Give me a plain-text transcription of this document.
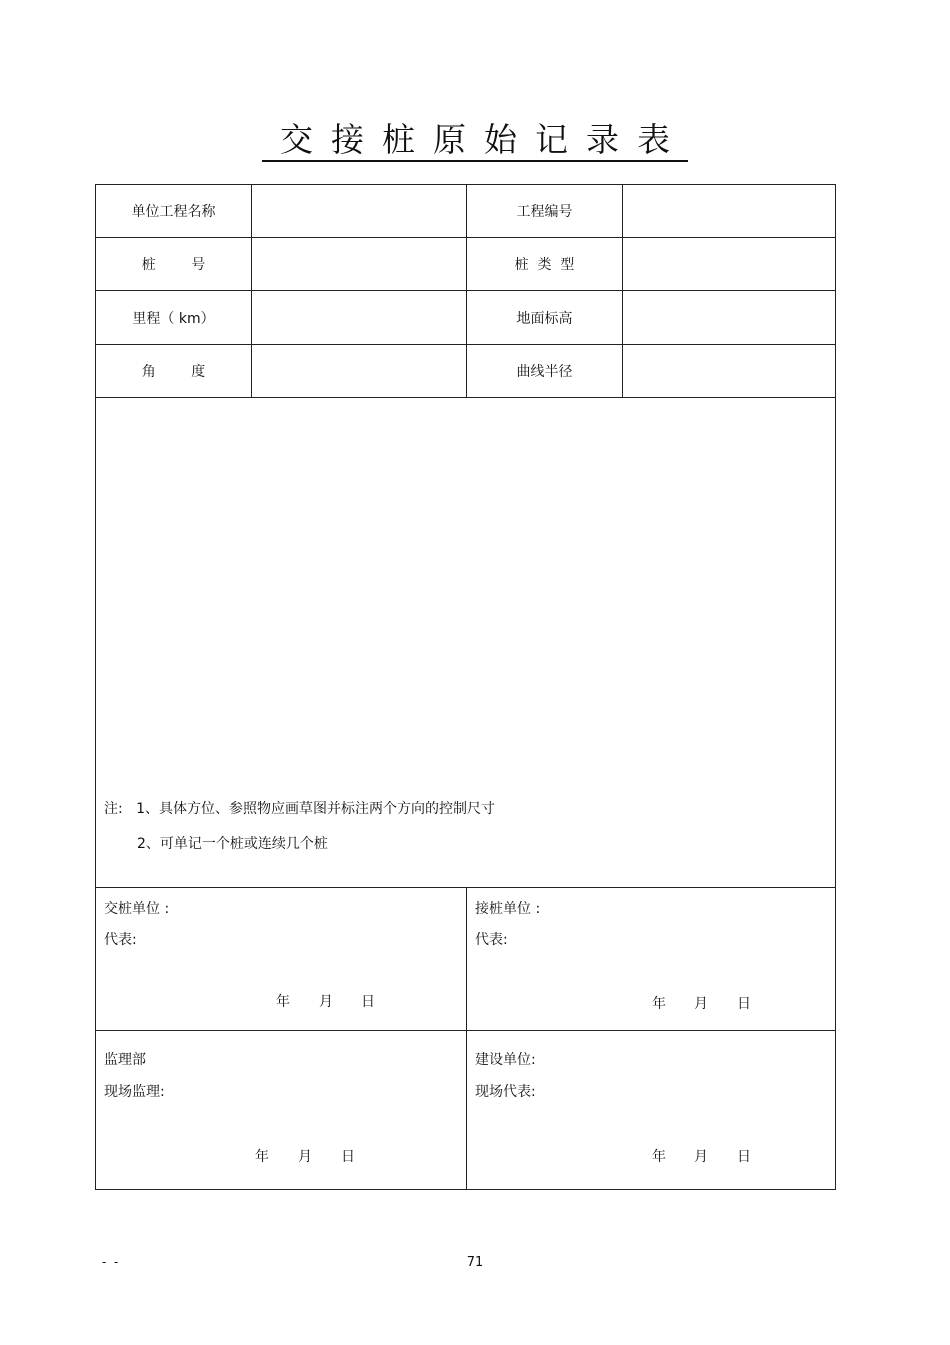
交接桩原始记录表
单位工程名称	工程编号
桩        号	桩  类  型
里程（ km）	地面标高
角        度	曲线半径
注:   1、具体方位、参照物应画草图并标注两个方向的控制尺寸
2、可单记一个桩或连续几个桩
交桩单位 :
代表:
年 月 日
接桩单位 :
代表:
年 月 日
监理部
现场监理:
年 月 日
建设单位:
现场代表:
年 月 日
-  -	71
